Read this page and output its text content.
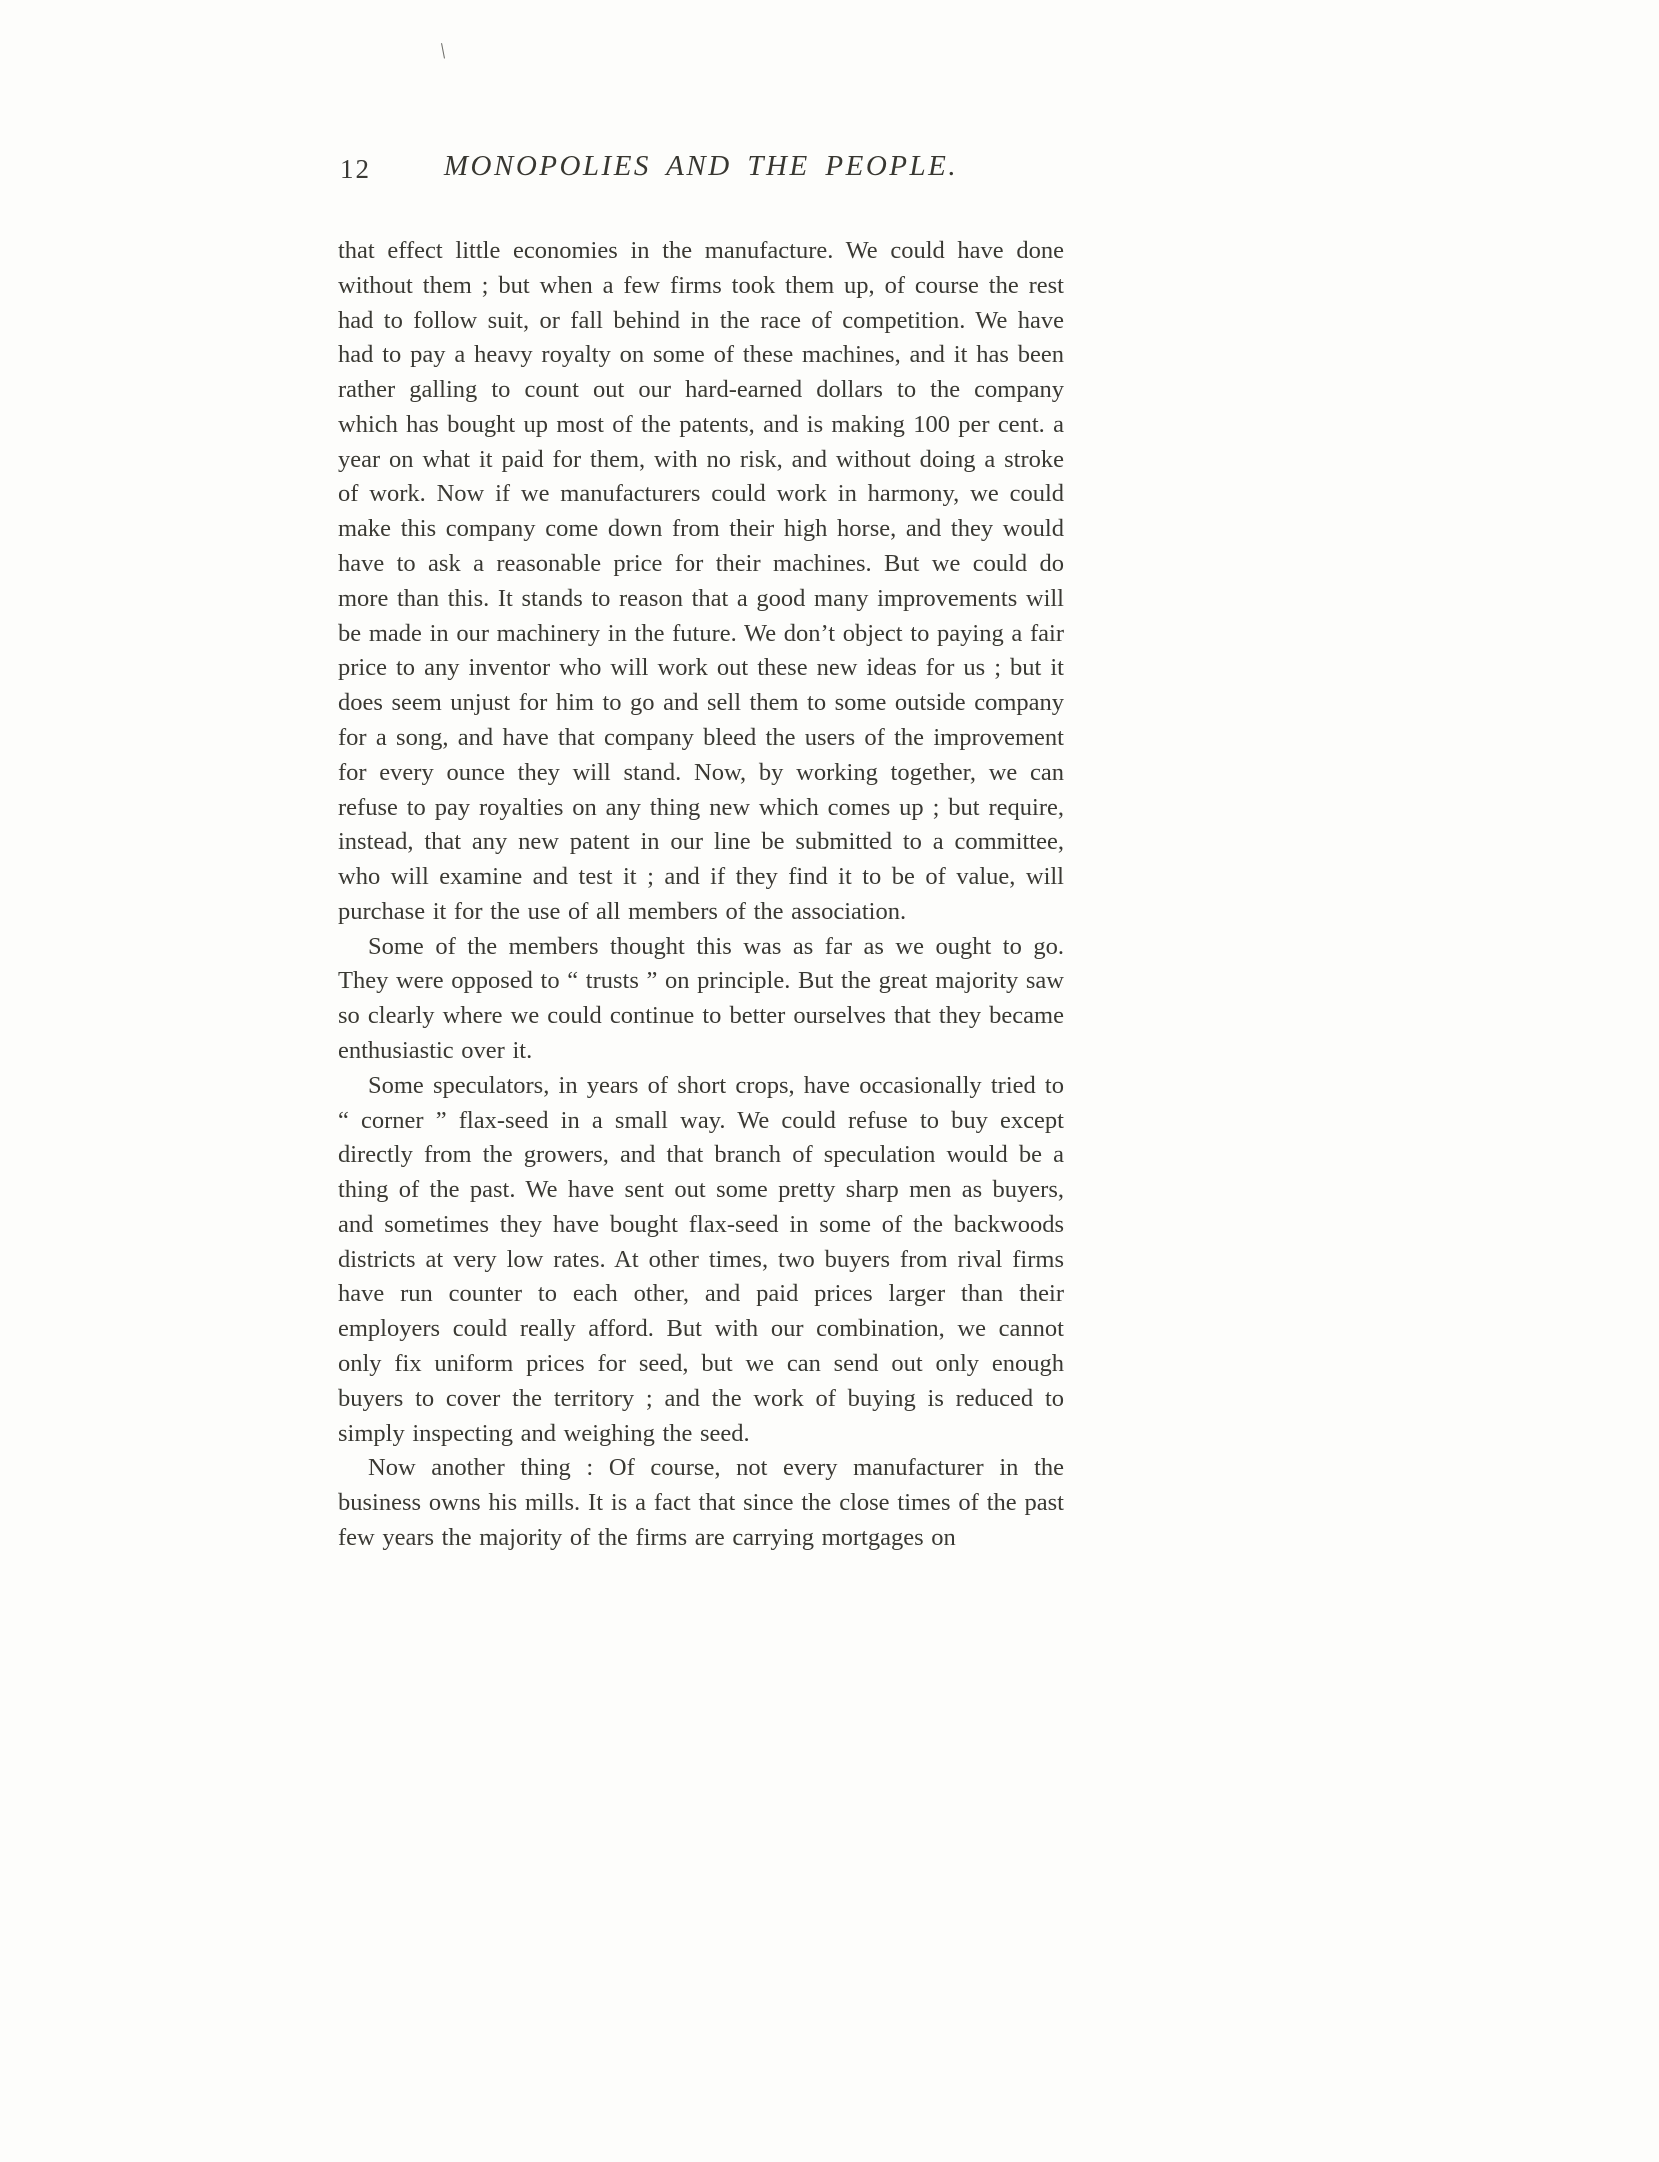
\
12	MONOPOLIES AND THE PEOPLE.

that effect little economies in the manufacture. We could have done without them ; but when a few firms took them up, of course the rest had to follow suit, or fall behind in the race of competition. We have had to pay a heavy royalty on some of these machines, and it has been rather galling to count out our hard-earned dollars to the company which has bought up most of the patents, and is making 100 per cent. a year on what it paid for them, with no risk, and without doing a stroke of work. Now if we manufacturers could work in harmony, we could make this company come down from their high horse, and they would have to ask a reasonable price for their machines. But we could do more than this. It stands to reason that a good many improvements will be made in our machinery in the future. We don’t object to paying a fair price to any inventor who will work out these new ideas for us ; but it does seem unjust for him to go and sell them to some outside company for a song, and have that company bleed the users of the improvement for every ounce they will stand. Now, by working together, we can refuse to pay royalties on any thing new which comes up ; but require, instead, that any new patent in our line be submitted to a committee, who will examine and test it ; and if they find it to be of value, will purchase it for the use of all members of the association.

Some of the members thought this was as far as we ought to go. They were opposed to “ trusts ” on principle. But the great majority saw so clearly where we could continue to better ourselves that they became enthusiastic over it.

Some speculators, in years of short crops, have occasionally tried to “ corner ” flax-seed in a small way. We could refuse to buy except directly from the growers, and that branch of speculation would be a thing of the past. We have sent out some pretty sharp men as buyers, and sometimes they have bought flax-seed in some of the backwoods districts at very low rates. At other times, two buyers from rival firms have run counter to each other, and paid prices larger than their employers could really afford. But with our combination, we cannot only fix uniform prices for seed, but we can send out only enough buyers to cover the territory ; and the work of buying is reduced to simply inspecting and weighing the seed.

Now another thing : Of course, not every manufacturer in the business owns his mills. It is a fact that since the close times of the past few years the majority of the firms are carrying mortgages on
